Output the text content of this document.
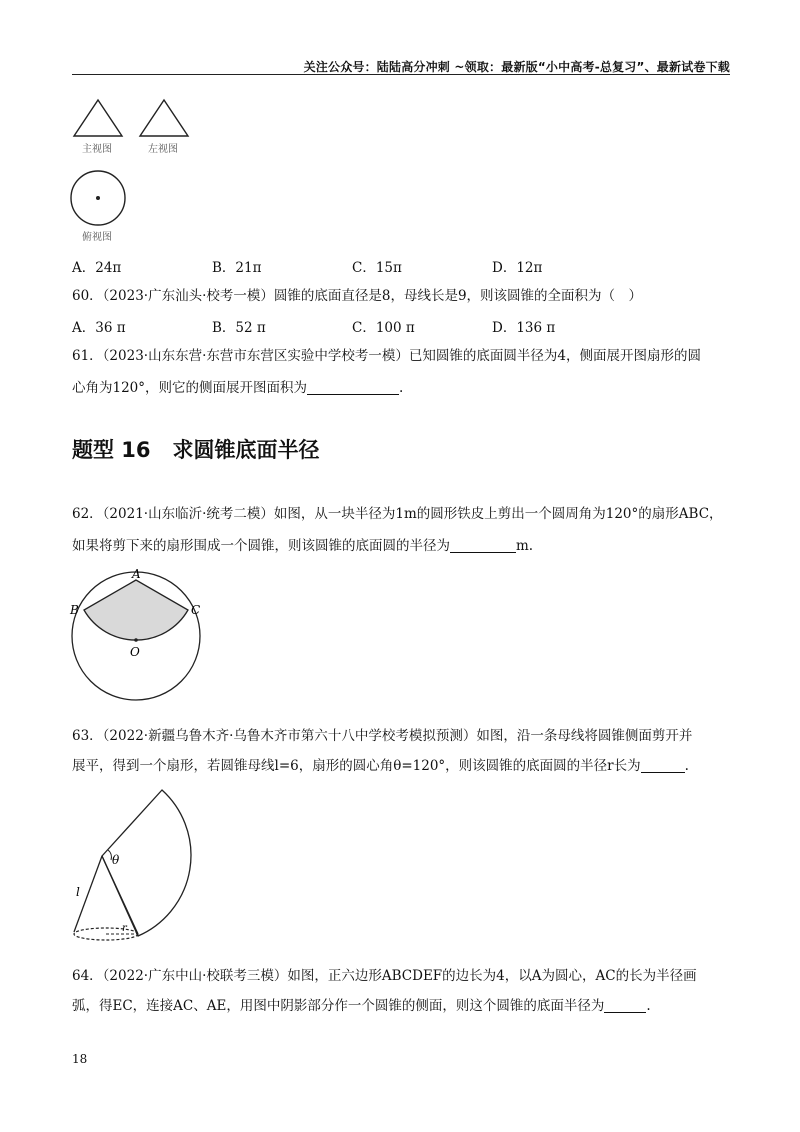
关注公众号：陆陆高分冲刺 ~领取：最新版“小中高考-总复习”、最新试卷下载
主视图	左视图
俯视图
A．24π	B．21π	C．15π	D．12π
60．（2023·广东汕头·校考一模）圆锥的底面直径是8，母线长是9，则该圆锥的全面积为（　）
A．36 π	B．52 π	C．100 π	D．136 π
61．（2023·山东东营·东营市东营区实验中学校考一模）已知圆锥的底面圆半径为4，侧面展开图扇形的圆
心角为120°，则它的侧面展开图面积为	.
题型 16 求圆锥底面半径
62．（2021·山东临沂·统考二模）如图，从一块半径为1m的圆形铁皮上剪出一个圆周角为120°的扇形ABC，
如果将剪下来的扇形围成一个圆锥，则该圆锥的底面圆的半径为	m.
A
B	C
O
63．（2022·新疆乌鲁木齐·乌鲁木齐市第六十八中学校考模拟预测）如图，沿一条母线将圆锥侧面剪开并
展平，得到一个扇形，若圆锥母线l=6，扇形的圆心角θ=120°，则该圆锥的底面圆的半径r长为	.
θ
l
r
64．（2022·广东中山·校联考三模）如图，正六边形ABCDEF的边长为4，以A为圆心，AC的长为半径画
弧，得EC，连接AC、AE，用图中阴影部分作一个圆锥的侧面，则这个圆锥的底面半径为	.
18
